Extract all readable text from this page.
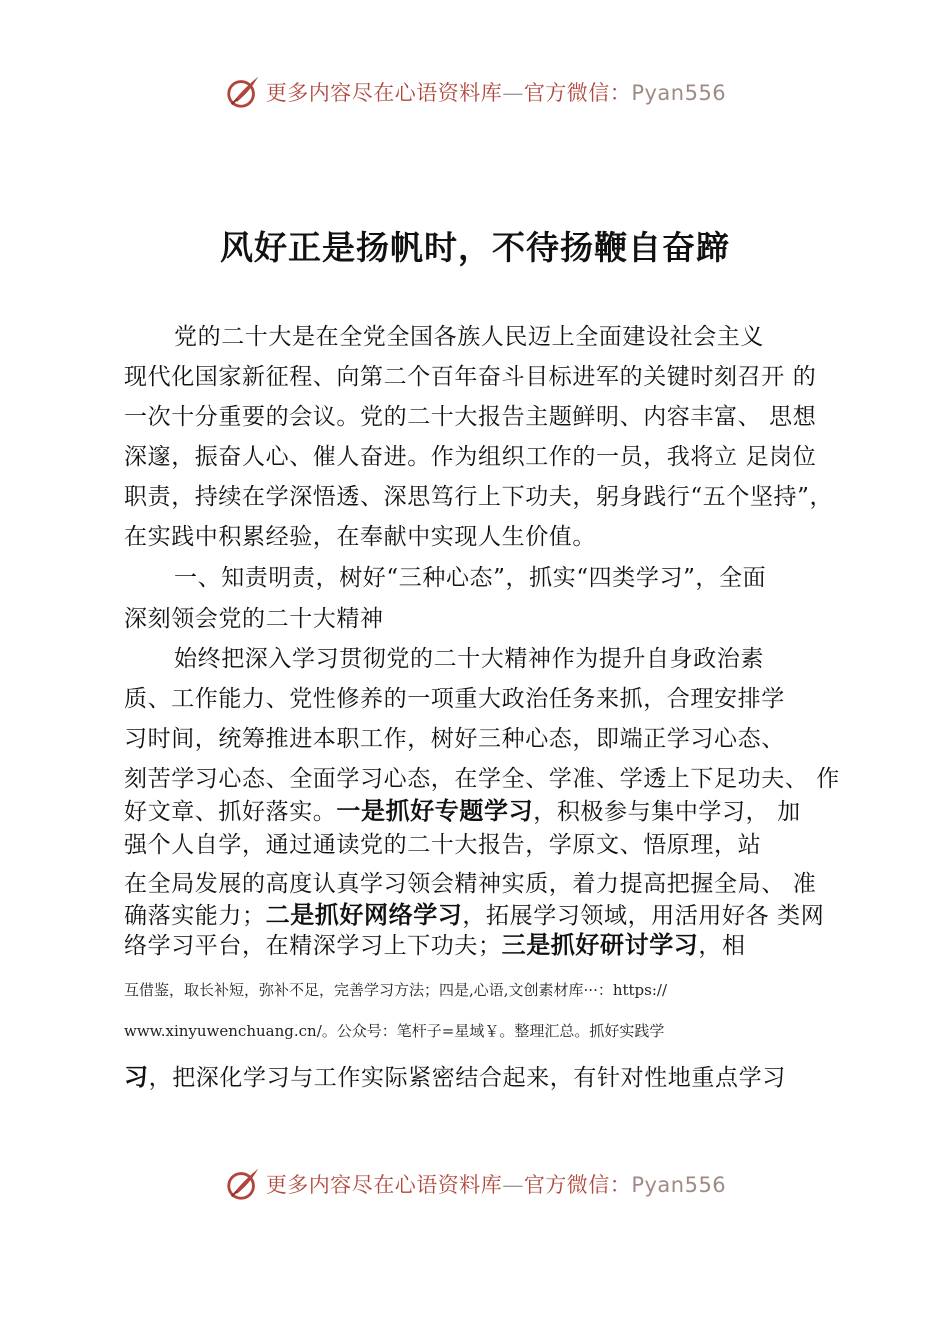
更多内容尽在心语资料库—官方微信：Pyan556
风好正是扬帆时，不待扬鞭自奋蹄
党的二十大是在全党全国各族人民迈上全面建设社会主义
现代化国家新征程、向第二个百年奋斗目标进军的关键时刻召开 的
一次十分重要的会议。党的二十大报告主题鲜明、内容丰富、 思想
深邃，振奋人心、催人奋进。作为组织工作的一员，我将立 足岗位
职责，持续在学深悟透、深思笃行上下功夫，躬身践行“五个坚持”，
在实践中积累经验，在奉献中实现人生价值。
一、知责明责，树好“三种心态”，抓实“四类学习”，全面
深刻领会党的二十大精神
始终把深入学习贯彻党的二十大精神作为提升自身政治素
质、工作能力、党性修养的一项重大政治任务来抓，合理安排学
习时间，统筹推进本职工作，树好三种心态，即端正学习心态、
刻苦学习心态、全面学习心态，在学全、学准、学透上下足功夫、 作
好文章、抓好落实。一是抓好专题学习，积极参与集中学习， 加
强个人自学，通过通读党的二十大报告，学原文、悟原理，站
在全局发展的高度认真学习领会精神实质，着力提高把握全局、 准
确落实能力；二是抓好网络学习，拓展学习领域，用活用好各 类网
络学习平台，在精深学习上下功夫；三是抓好研讨学习，相
互借鉴，取长补短，弥补不足，完善学习方法；四是,心语,文创素材库···：https://
www.xinyuwenchuang.cn/。公众号：笔杆子=星域￥。整理汇总。抓好实践学
习，把深化学习与工作实际紧密结合起来，有针对性地重点学习
更多内容尽在心语资料库—官方微信：Pyan556
